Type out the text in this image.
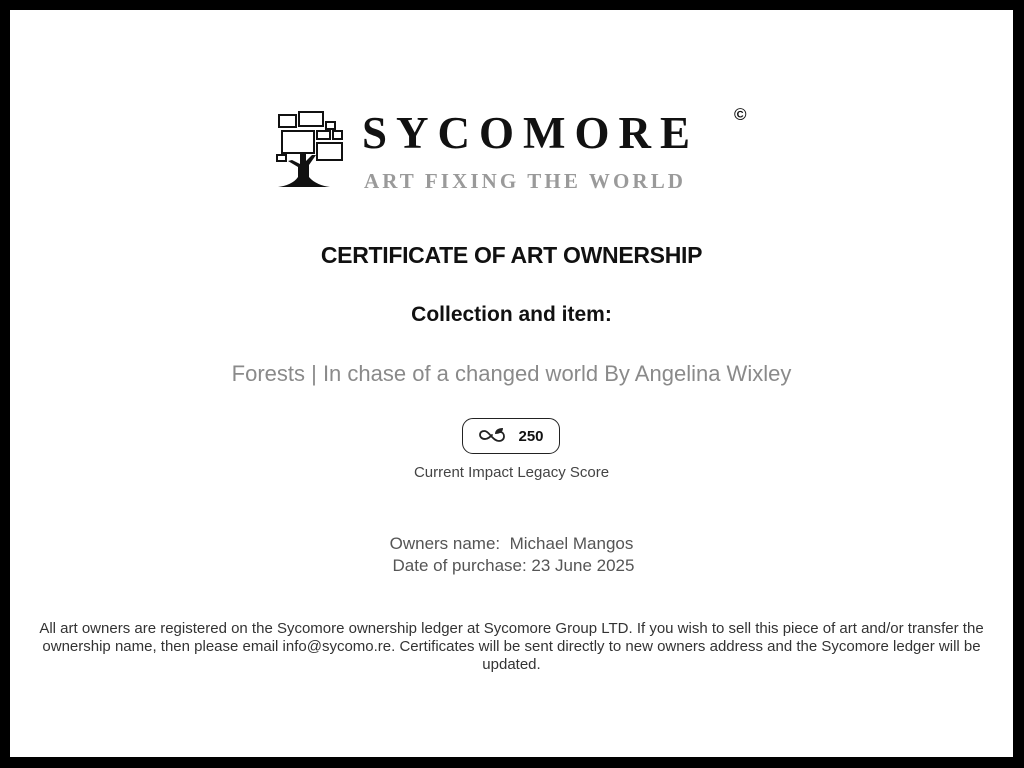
SYCOMORE ©
ART FIXING THE WORLD
CERTIFICATE OF ART OWNERSHIP
Collection and item:

Forests | In chase of a changed world By Angelina Wixley

250
Current Impact Legacy Score
Owners name:  Michael Mangos
Date of purchase: 23 June 2025

All art owners are registered on the Sycomore ownership ledger at Sycomore Group LTD. If you wish to sell this piece of art and/or transfer the ownership name, then please email info@sycomo.re. Certificates will be sent directly to new owners address and the Sycomore ledger will be updated.
